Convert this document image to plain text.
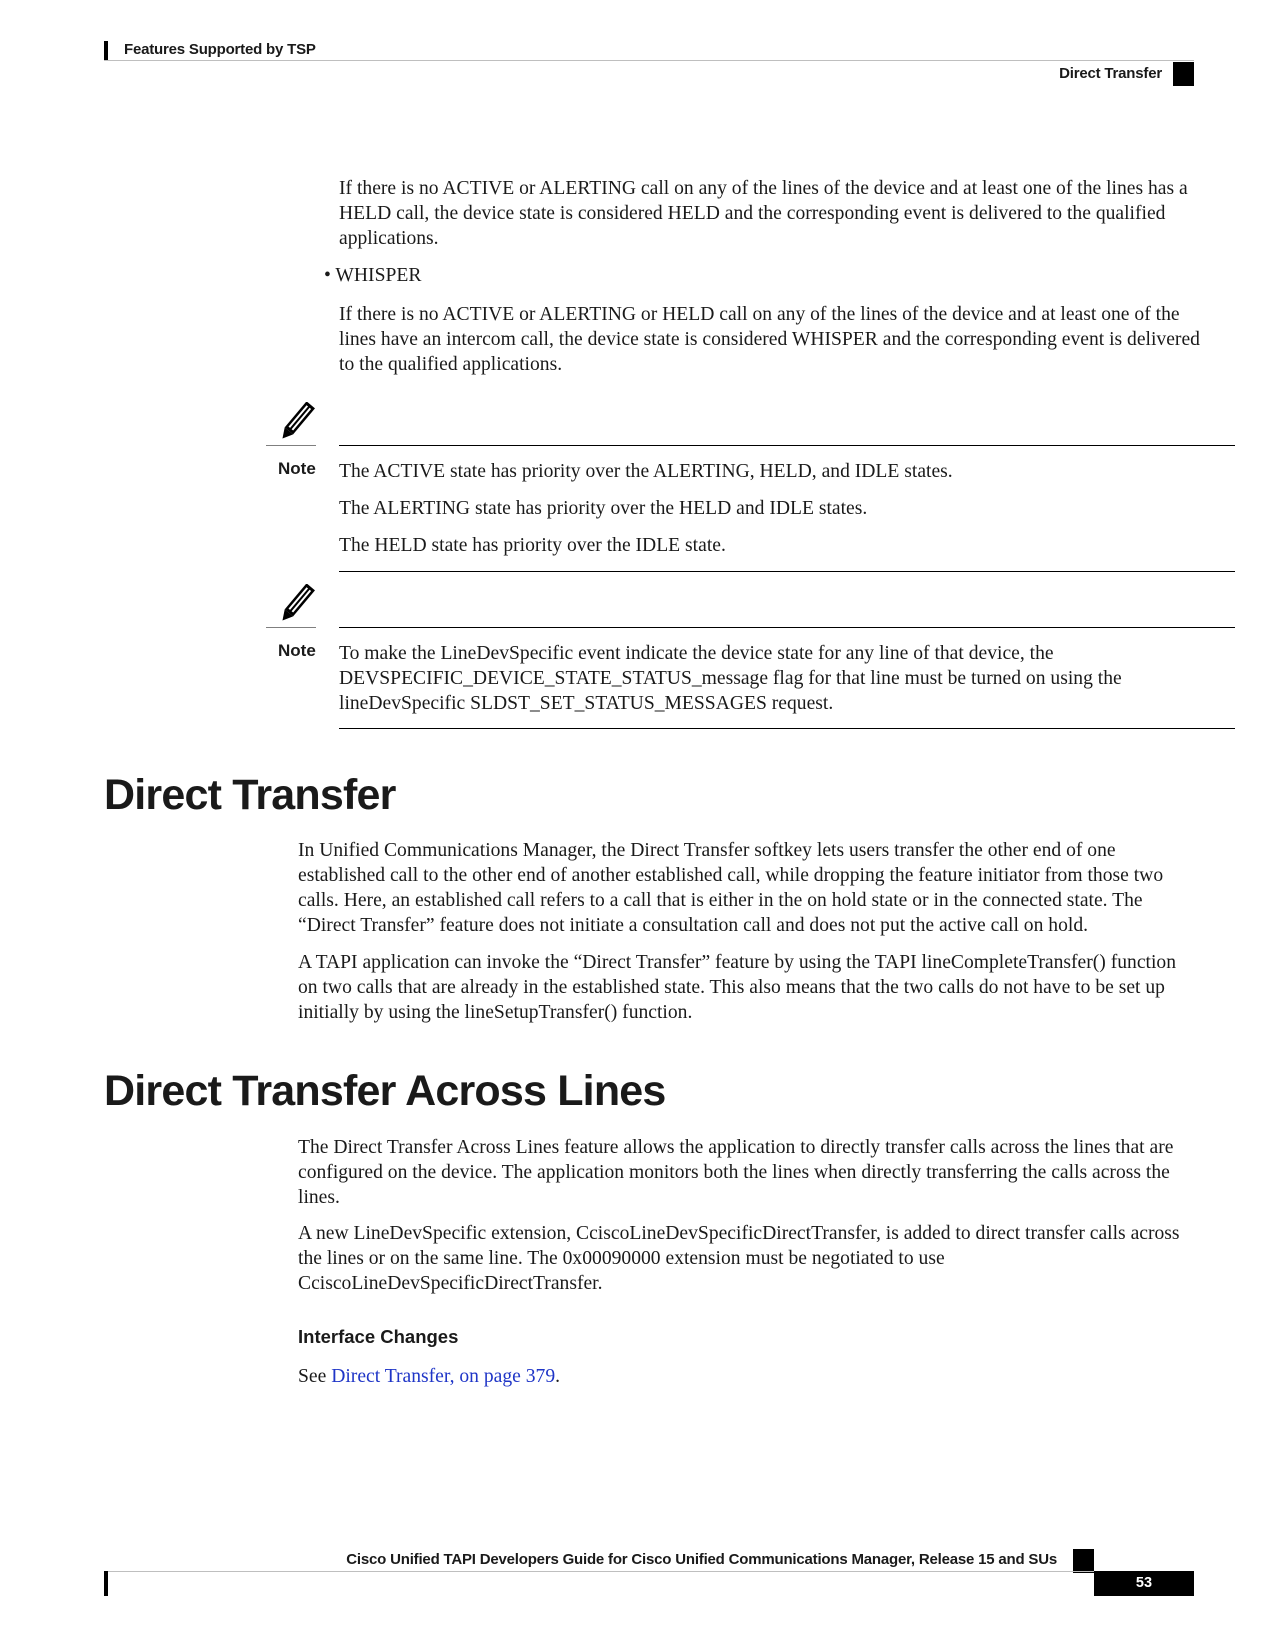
Features Supported by TSP
Direct Transfer

If there is no ACTIVE or ALERTING call on any of the lines of the device and at least one of the lines has a HELD call, the device state is considered HELD and the corresponding event is delivered to the qualified applications.

• WHISPER

If there is no ACTIVE or ALERTING or HELD call on any of the lines of the device and at least one of the lines have an intercom call, the device state is considered WHISPER and the corresponding event is delivered to the qualified applications.

Note The ACTIVE state has priority over the ALERTING, HELD, and IDLE states.

The ALERTING state has priority over the HELD and IDLE states.

The HELD state has priority over the IDLE state.

Note To make the LineDevSpecific event indicate the device state for any line of that device, the DEVSPECIFIC_DEVICE_STATE_STATUS_message flag for that line must be turned on using the lineDevSpecific SLDST_SET_STATUS_MESSAGES request.

Direct Transfer

In Unified Communications Manager, the Direct Transfer softkey lets users transfer the other end of one established call to the other end of another established call, while dropping the feature initiator from those two calls. Here, an established call refers to a call that is either in the on hold state or in the connected state. The “Direct Transfer” feature does not initiate a consultation call and does not put the active call on hold.

A TAPI application can invoke the “Direct Transfer” feature by using the TAPI lineCompleteTransfer() function on two calls that are already in the established state. This also means that the two calls do not have to be set up initially by using the lineSetupTransfer() function.

Direct Transfer Across Lines

The Direct Transfer Across Lines feature allows the application to directly transfer calls across the lines that are configured on the device. The application monitors both the lines when directly transferring the calls across the lines.

A new LineDevSpecific extension, CciscoLineDevSpecificDirectTransfer, is added to direct transfer calls across the lines or on the same line. The 0x00090000 extension must be negotiated to use CciscoLineDevSpecificDirectTransfer.

Interface Changes

See Direct Transfer, on page 379.

Cisco Unified TAPI Developers Guide for Cisco Unified Communications Manager, Release 15 and SUs
53
